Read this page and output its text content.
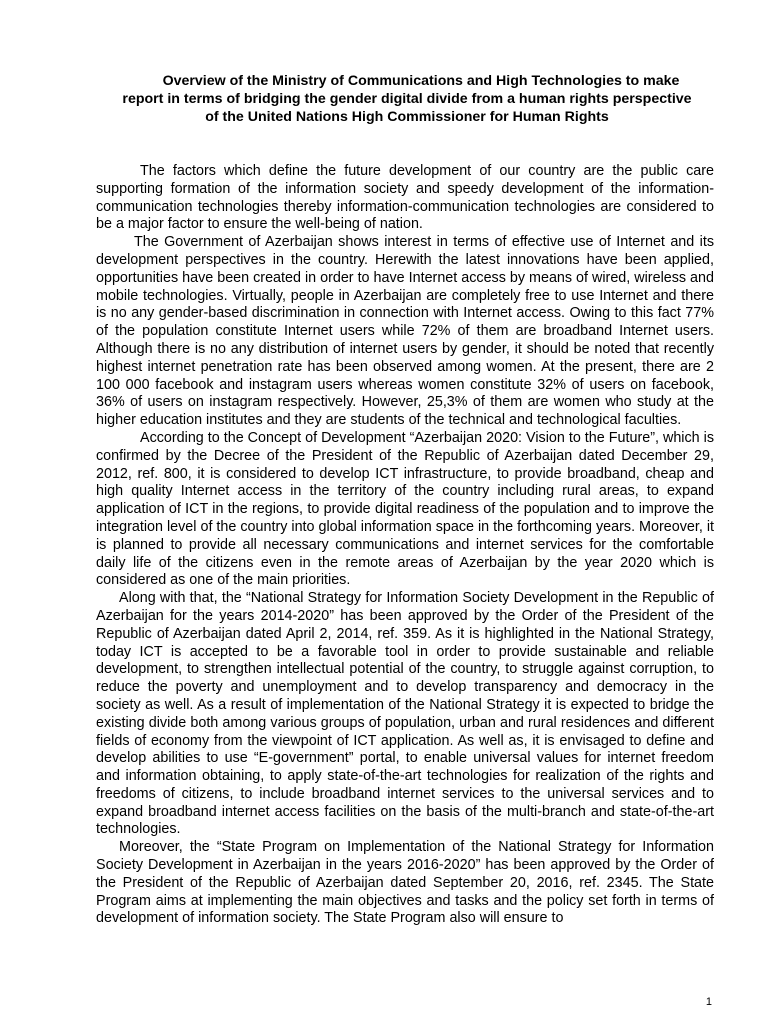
Overview of the Ministry of Communications and High Technologies to make
report in terms of bridging the gender digital divide from a human rights perspective
of the United Nations High Commissioner for Human Rights

The factors which define the future development of our country are the public care supporting formation of the information society and speedy development of the information-communication technologies thereby information-communication technologies are considered to be a major factor to ensure the well-being of nation.

The Government of Azerbaijan shows interest in terms of effective use of Internet and its development perspectives in the country. Herewith the latest innovations have been applied, opportunities have been created in order to have Internet access by means of wired, wireless and mobile technologies. Virtually, people in Azerbaijan are completely free to use Internet and there is no any gender-based discrimination in connection with Internet access. Owing to this fact 77% of the population constitute Internet users while 72% of them are broadband Internet users. Although there is no any distribution of internet users by gender, it should be noted that recently highest internet penetration rate has been observed among women. At the present, there are 2 100 000 facebook and instagram users whereas women constitute 32% of users on facebook, 36% of users on instagram respectively. However, 25,3% of them are women who study at the higher education institutes and they are students of the technical and technological faculties.

According to the Concept of Development “Azerbaijan 2020: Vision to the Future”, which is confirmed by the Decree of the President of the Republic of Azerbaijan dated December 29, 2012, ref. 800, it is considered to develop ICT infrastructure, to provide broadband, cheap and high quality Internet access in the territory of the country including rural areas, to expand application of ICT in the regions, to provide digital readiness of the population and to improve the integration level of the country into global information space in the forthcoming years. Moreover, it is planned to provide all necessary communications and internet services for the comfortable daily life of the citizens even in the remote areas of Azerbaijan by the year 2020 which is considered as one of the main priorities.

Along with that, the “National Strategy for Information Society Development in the Republic of Azerbaijan for the years 2014-2020” has been approved by the Order of the President of the Republic of Azerbaijan dated April 2, 2014, ref. 359. As it is highlighted in the National Strategy, today ICT is accepted to be a favorable tool in order to provide sustainable and reliable development, to strengthen intellectual potential of the country, to struggle against corruption, to reduce the poverty and unemployment and to develop transparency and democracy in the society as well. As a result of implementation of the National Strategy it is expected to bridge the existing divide both among various groups of population, urban and rural residences and different fields of economy from the viewpoint of ICT application. As well as, it is envisaged to define and develop abilities to use “E-government” portal, to enable universal values for internet freedom and information obtaining, to apply state-of-the-art technologies for realization of the rights and freedoms of citizens, to include broadband internet services to the universal services and to expand broadband internet access facilities on the basis of the multi-branch and state-of-the-art technologies.

Moreover, the “State Program on Implementation of the National Strategy for Information Society Development in Azerbaijan in the years 2016-2020” has been approved by the Order of the President of the Republic of Azerbaijan dated September 20, 2016, ref. 2345. The State Program aims at implementing the main objectives and tasks and the policy set forth in terms of development of information society. The State Program also will ensure to

1
